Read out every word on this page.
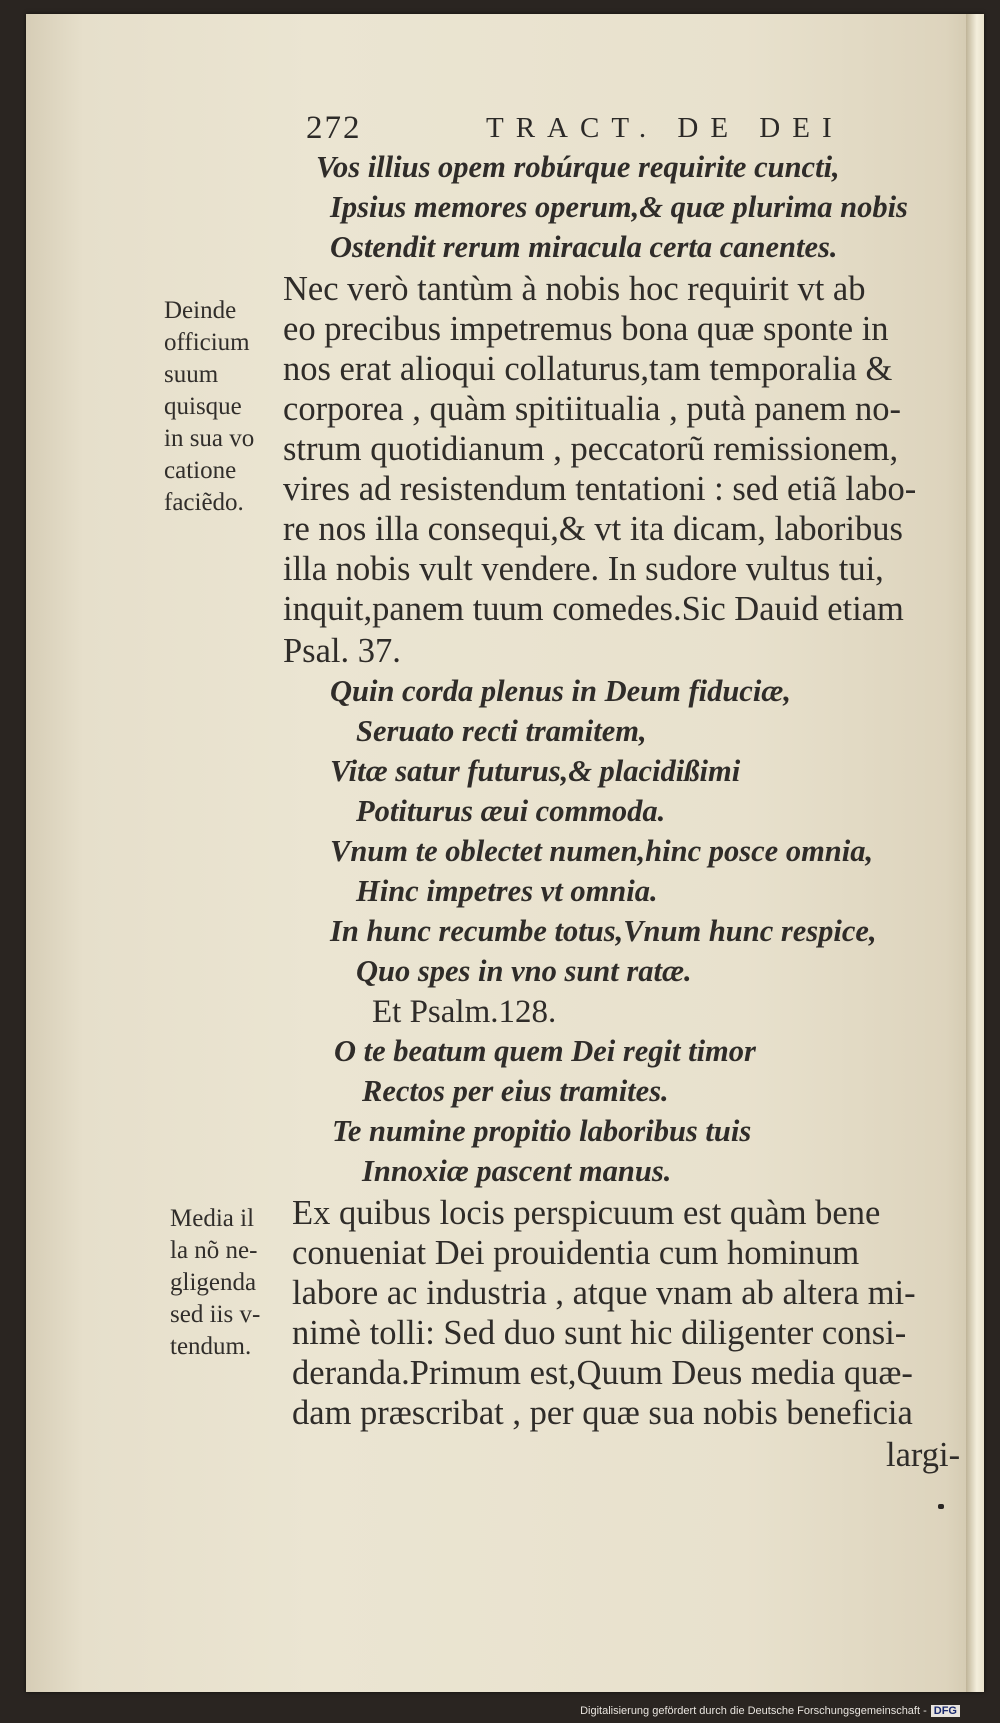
272	TRACT. DE DEI
Vos illius opem robúrque requirite cuncti,
Ipsius memores operum,& quæ plurima nobis
Ostendit rerum miracula certa canentes.
Nec verò tantùm à nobis hoc requirit vt ab
eo precibus impetremus bona quæ sponte in
nos erat alioqui collaturus,tam temporalia &
corporea , quàm spitiitualia , putà panem no-
strum quotidianum , peccatorũ remissionem,
vires ad resistendum tentationi : sed etiã labo-
re nos illa consequi,& vt ita dicam, laboribus
illa nobis vult vendere. In sudore vultus tui,
inquit,panem tuum comedes.Sic Dauid etiam
Psal. 37.
Deinde
officium
suum
quisque
in sua vo
catione
faciẽdo.
Quin corda plenus in Deum fiduciæ,
Seruato recti tramitem,
Vitæ satur futurus,& placidißimi
Potiturus æui commoda.
Vnum te oblectet numen,hinc posce omnia,
Hinc impetres vt omnia.
In hunc recumbe totus,Vnum hunc respice,
Quo spes in vno sunt ratæ.
Et Psalm.128.
O te beatum quem Dei regit timor
Rectos per eius tramites.
Te numine propitio laboribus tuis
Innoxiæ pascent manus.
Ex quibus locis perspicuum est quàm bene
conueniat Dei prouidentia cum hominum
labore ac industria , atque vnam ab altera mi-
nimè tolli: Sed duo sunt hic diligenter consi-
deranda.Primum est,Quum Deus media quæ-
dam præscribat , per quæ sua nobis beneficia
Media il
la nõ ne-
gligenda
sed iis v-
tendum.
largi-
Digitalisierung gefördert durch die Deutsche Forschungsgemeinschaft - DFG
